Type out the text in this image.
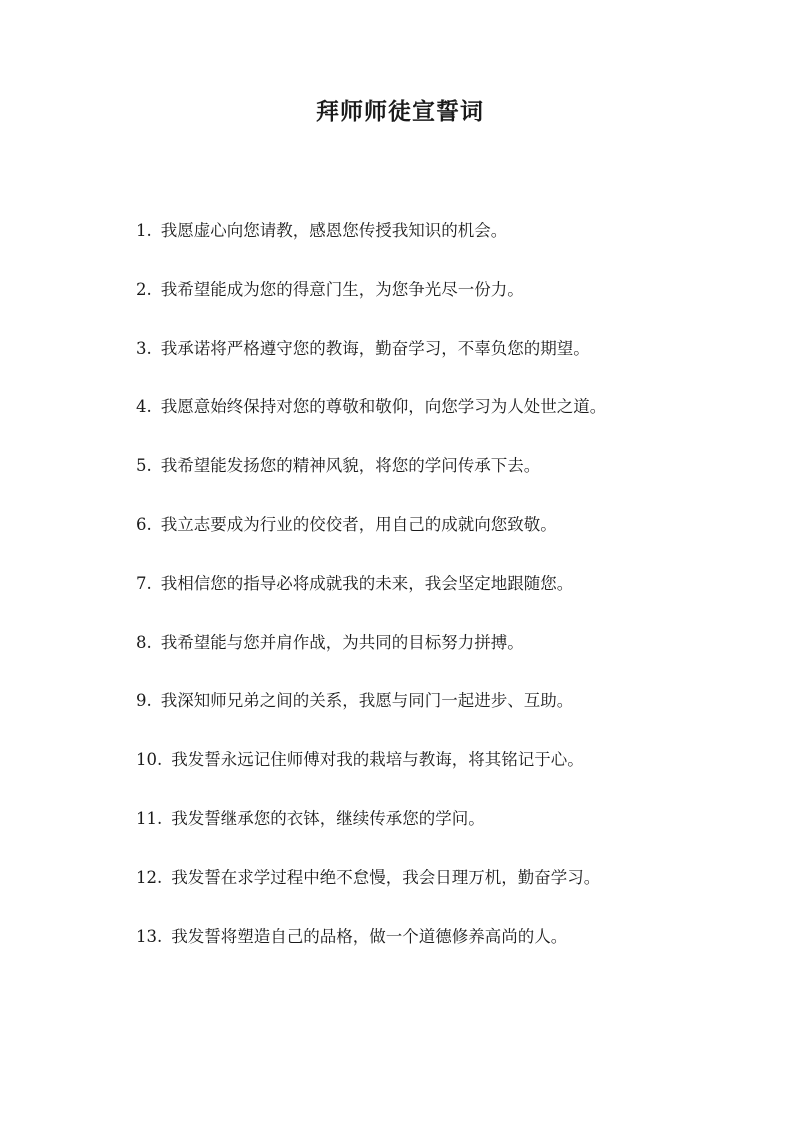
拜师师徒宣誓词
1. 我愿虚心向您请教，感恩您传授我知识的机会。
2. 我希望能成为您的得意门生，为您争光尽一份力。
3. 我承诺将严格遵守您的教诲，勤奋学习，不辜负您的期望。
4. 我愿意始终保持对您的尊敬和敬仰，向您学习为人处世之道。
5. 我希望能发扬您的精神风貌，将您的学问传承下去。
6. 我立志要成为行业的佼佼者，用自己的成就向您致敬。
7. 我相信您的指导必将成就我的未来，我会坚定地跟随您。
8. 我希望能与您并肩作战，为共同的目标努力拼搏。
9. 我深知师兄弟之间的关系，我愿与同门一起进步、互助。
10. 我发誓永远记住师傅对我的栽培与教诲，将其铭记于心。
11. 我发誓继承您的衣钵，继续传承您的学问。
12. 我发誓在求学过程中绝不怠慢，我会日理万机，勤奋学习。
13. 我发誓将塑造自己的品格，做一个道德修养高尚的人。
